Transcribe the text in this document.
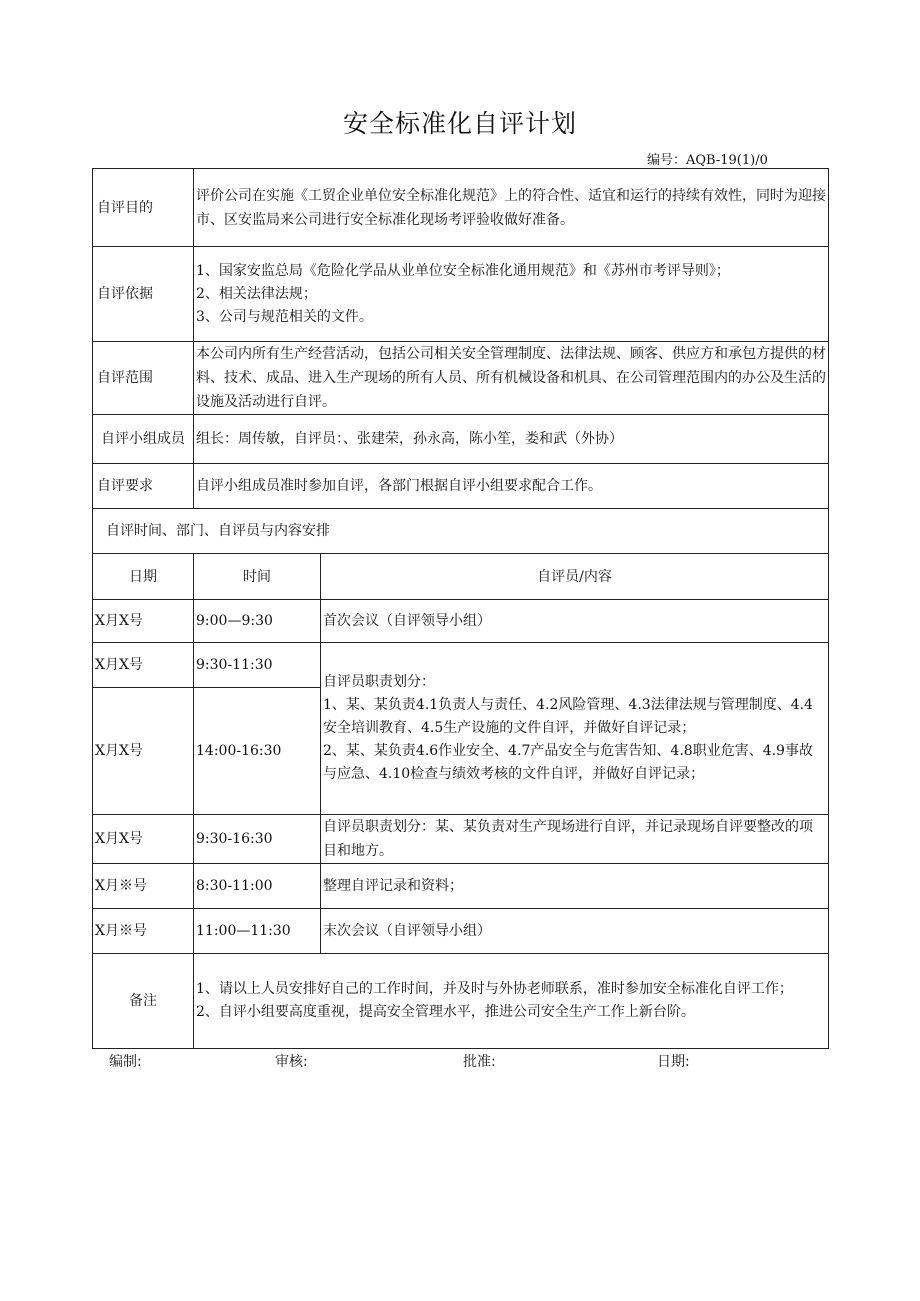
安全标准化自评计划
编号：AQB-19(1)/0
自评目的	评价公司在实施《工贸企业单位安全标准化规范》上的符合性、适宜和运行的持续有效性，同时为迎接市、区安监局来公司进行安全标准化现场考评验收做好准备。	
自评依据	1、国家安监总局《危险化学品从业单位安全标准化通用规范》和《苏州市考评导则》；
2、相关法律法规；
3、公司与规范相关的文件。	

自评范围	本公司内所有生产经营活动，包括公司相关安全管理制度、法律法规、顾客、供应方和承包方提供的材料、技术、成品、进入生产现场的所有人员、所有机械设备和机具、在公司管理范围内的办公及生活的设施及活动进行自评。	
自评小组成员	组长：周传敏，自评员：、张建荣，孙永高，陈小笙，娄和武（外协）	
自评要求	自评小组成员准时参加自评，各部门根据自评小组要求配合工作。	
自评时间、部门、自评员与内容安排		
日期	时间	自评员/内容
X月X号	9:00—9:30	首次会议（自评领导小组）
X月X号	9:30-11:30	自评员职责划分：
1、某、某负责4.1负责人与责任、4.2风险管理、4.3法律法规与管理制度、4.4安全培训教育、4.5生产设施的文件自评，并做好自评记录；
2、某、某负责4.6作业安全、4.7产品安全与危害告知、4.8职业危害、4.9事故与应急、4.10检查与绩效考核的文件自评，并做好自评记录；

X月X号	14:00-16:30	
X月X号	9:30-16:30	自评员职责划分：某、某负责对生产现场进行自评，并记录现场自评要整改的项目和地方。
X月※号	8:30-11:00	整理自评记录和资料；
X月※号	11:00—11:30	末次会议（自评领导小组）
备注	1、请以上人员安排好自己的工作时间，并及时与外协老师联系，准时参加安全标准化自评工作；
2、自评小组要高度重视，提高安全管理水平，推进公司安全生产工作上新台阶。	
编制:	审核:	批准:	日期:
